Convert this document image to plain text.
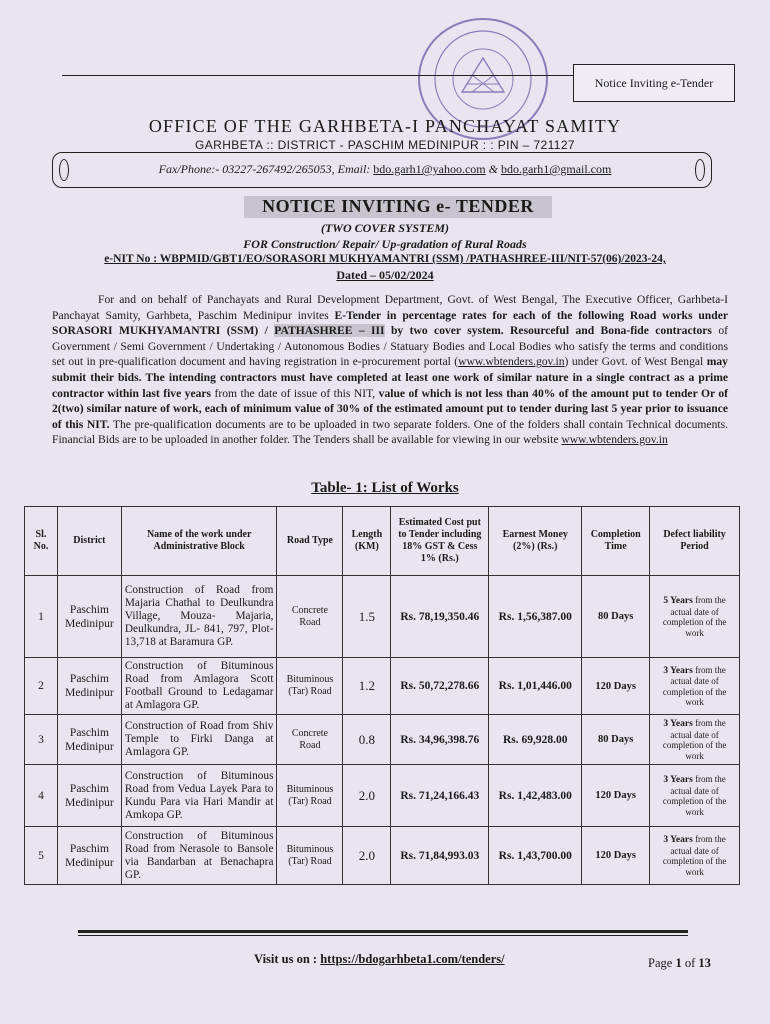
Notice Inviting e-Tender
OFFICE OF THE GARHBETA-I PANCHAYAT SAMITY
GARHBETA :: DISTRICT - PASCHIM MEDINIPUR : : PIN – 721127
Fax/Phone:- 03227-267492/265053, Email: bdo.garh1@yahoo.com & bdo.garh1@gmail.com
NOTICE INVITING e- TENDER
(TWO COVER SYSTEM)
FOR Construction/ Repair/ Up-gradation of Rural Roads
e-NIT No : WBPMID/GBT1/EO/SORASORI MUKHYAMANTRI (SSM) /PATHASHREE-III/NIT-57(06)/2023-24,
Dated – 05/02/2024
For and on behalf of Panchayats and Rural Development Department, Govt. of West Bengal, The Executive Officer, Garhbeta-I Panchayat Samity, Garhbeta, Paschim Medinipur invites E-Tender in percentage rates for each of the following Road works under SORASORI MUKHYAMANTRI (SSM) / PATHASHREE – III by two cover system. Resourceful and Bona-fide contractors of Government / Semi Government / Undertaking / Autonomous Bodies / Statuary Bodies and Local Bodies who satisfy the terms and conditions set out in pre-qualification document and having registration in e-procurement portal (www.wbtenders.gov.in) under Govt. of West Bengal may submit their bids. The intending contractors must have completed at least one work of similar nature in a single contract as a prime contractor within last five years from the date of issue of this NIT, value of which is not less than 40% of the amount put to tender Or of 2(two) similar nature of work, each of minimum value of 30% of the estimated amount put to tender during last 5 year prior to issuance of this NIT. The pre-qualification documents are to be uploaded in two separate folders. One of the folders shall contain Technical documents. Financial Bids are to be uploaded in another folder. The Tenders shall be available for viewing in our website www.wbtenders.gov.in
Table- 1: List of Works
Sl. No.	District	Name of the work under Administrative Block	Road Type	Length (KM)	Estimated Cost put to Tender including 18% GST & Cess 1% (Rs.)	Earnest Money (2%) (Rs.)	Completion Time	Defect liability Period
1	Paschim Medinipur	Construction of Road from Majaria Chathal to Deulkundra Village, Mouza- Majaria, Deulkundra, JL- 841, 797, Plot-13,718 at Baramura GP.	Concrete Road	1.5	Rs. 78,19,350.46	Rs. 1,56,387.00	80 Days	5 Years from the actual date of completion of the work
2	Paschim Medinipur	Construction of Bituminous Road from Amlagora Scott Football Ground to Ledagamar at Amlagora GP.	Bituminous (Tar) Road	1.2	Rs. 50,72,278.66	Rs. 1,01,446.00	120 Days	3 Years from the actual date of completion of the work
3	Paschim Medinipur	Construction of Road from Shiv Temple to Firki Danga at Amlagora GP.	Concrete Road	0.8	Rs. 34,96,398.76	Rs. 69,928.00	80 Days	3 Years from the actual date of completion of the work
4	Paschim Medinipur	Construction of Bituminous Road from Vedua Layek Para to Kundu Para via Hari Mandir at Amkopa GP.	Bituminous (Tar) Road	2.0	Rs. 71,24,166.43	Rs. 1,42,483.00	120 Days	3 Years from the actual date of completion of the work
5	Paschim Medinipur	Construction of Bituminous Road from Nerasole to Bansole via Bandarban at Benachapra GP.	Bituminous (Tar) Road	2.0	Rs. 71,84,993.03	Rs. 1,43,700.00	120 Days	3 Years from the actual date of completion of the work
Visit us on : https://bdogarhbeta1.com/tenders/	Page 1 of 13
